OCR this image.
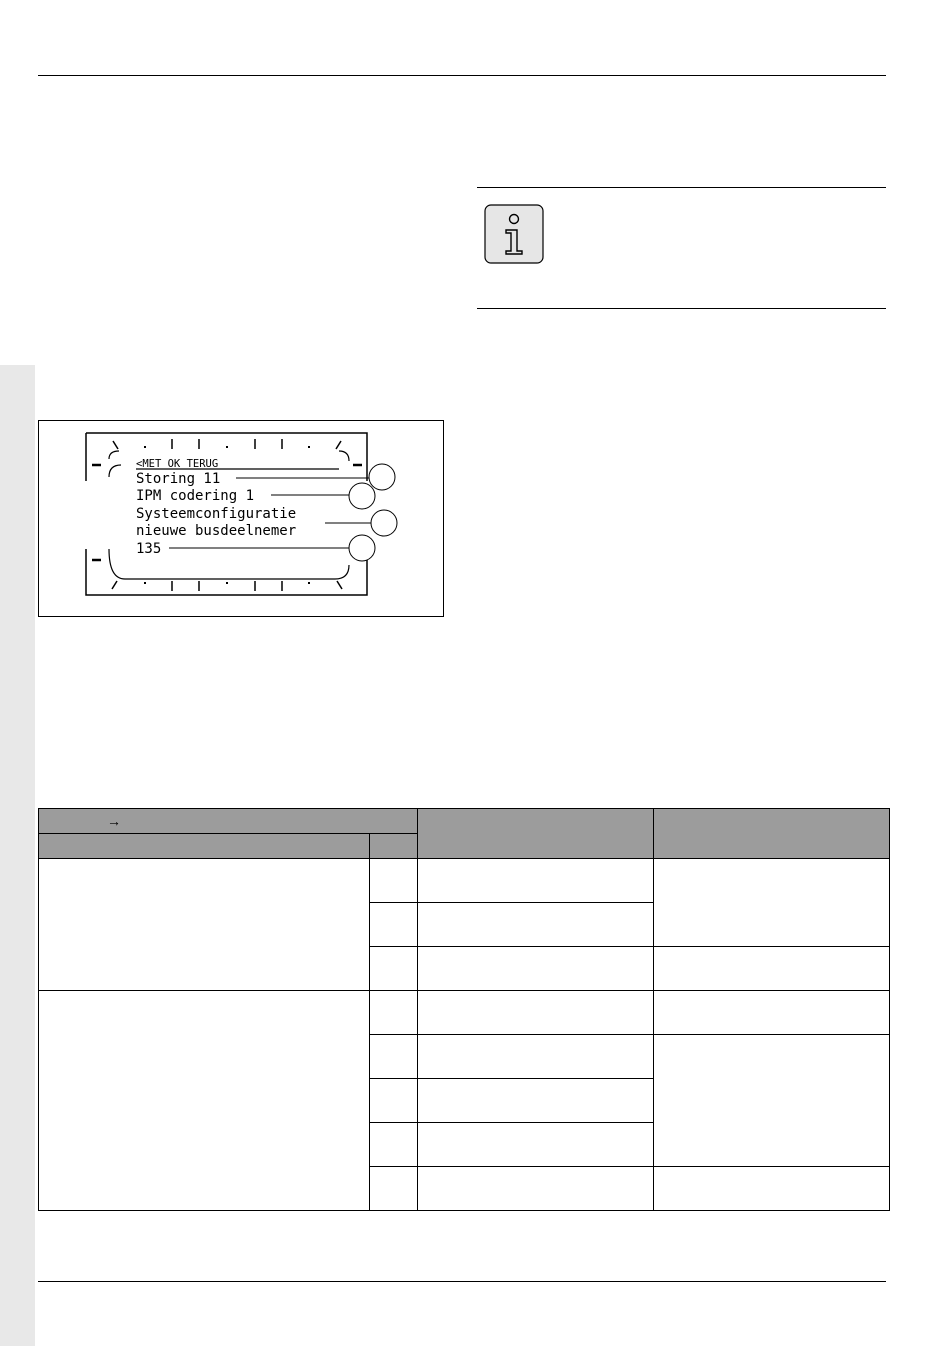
<MET OK TERUG
Storing 11
IPM codering 1
Systeemconfiguratie
nieuwe busdeelnemer
135
→			
